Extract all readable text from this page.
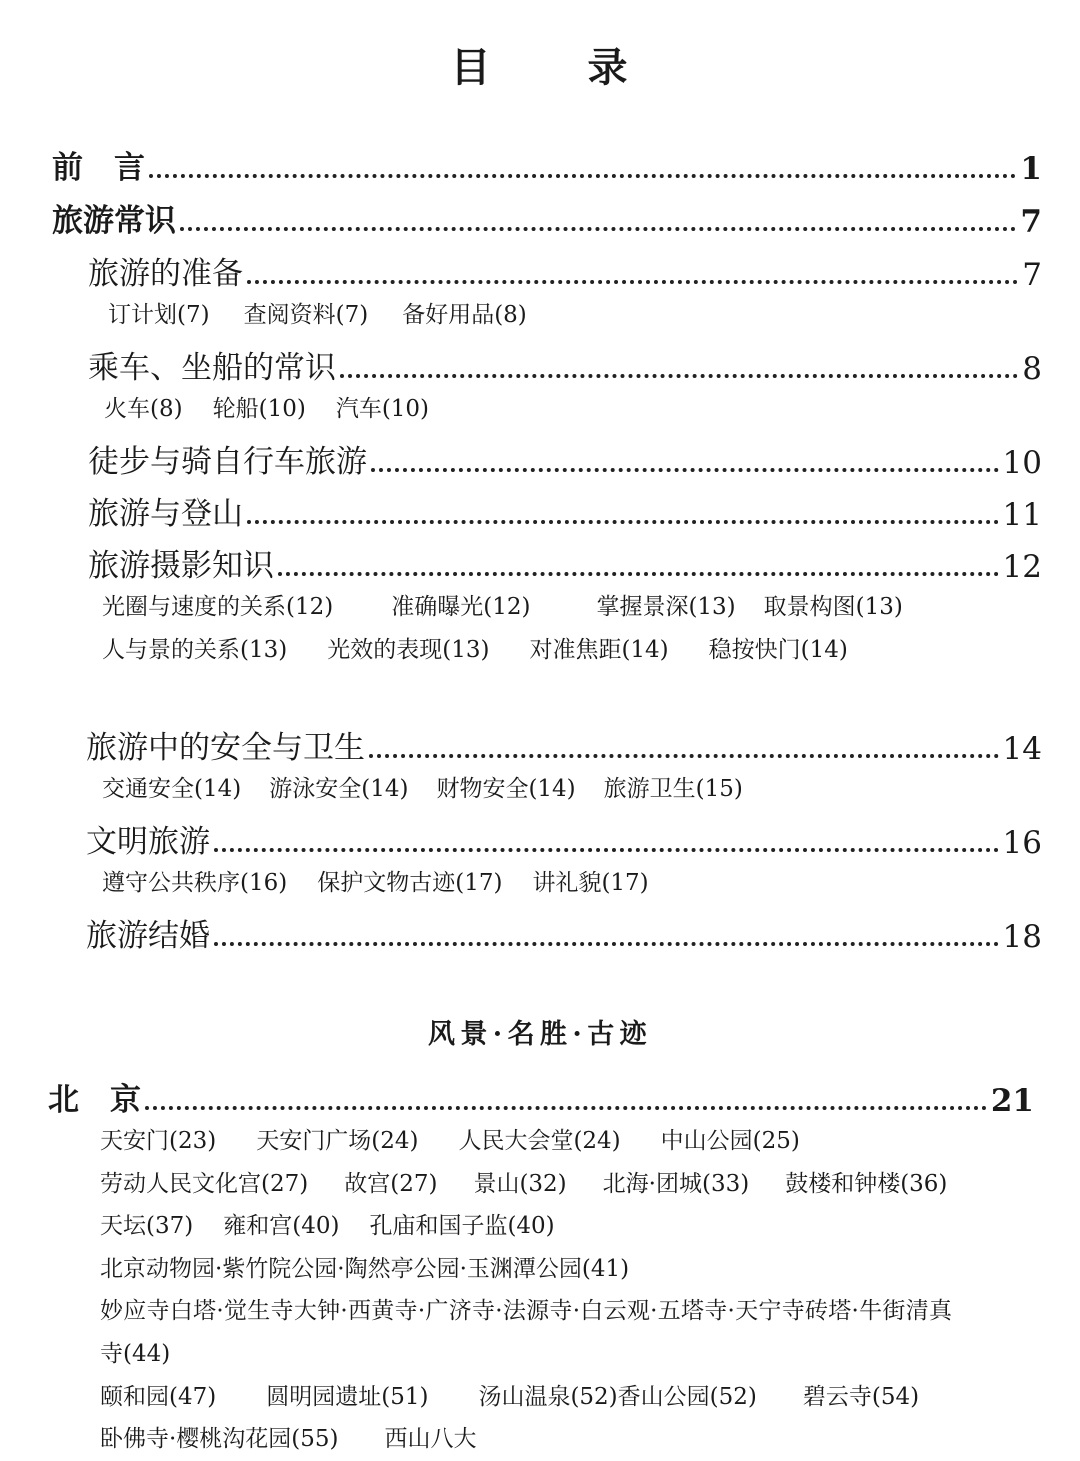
目 录
前　言	1
旅游常识	7
旅游的准备	7
订计划(7) 查阅资料(7) 备好用品(8)
乘车、坐船的常识	8
火车(8) 轮船(10) 汽车(10)
徒步与骑自行车旅游	10
旅游与登山	11
旅游摄影知识	12
光圈与速度的关系(12)	准确曝光(12)	掌握景深(13) 取景构图(13)人与景的关系(13) 光效的表现(13) 对准焦距(14) 稳按快门(14)
旅游中的安全与卫生	14
交通安全(14) 游泳安全(14) 财物安全(14) 旅游卫生(15)
文明旅游	16
遵守公共秩序(16) 保护文物古迹(17) 讲礼貌(17)
旅游结婚	18
风景·名胜·古迹
北　京	21
天安门(23) 天安门广场(24) 人民大会堂(24) 中山公园(25)劳动人民文化宫(27) 故宫(27) 景山(32) 北海·团城(33) 鼓楼和钟楼(36)天坛(37) 雍和宫(40) 孔庙和国子监(40)北京动物园·紫竹院公园·陶然亭公园·玉渊潭公园(41)妙应寺白塔·觉生寺大钟·西黄寺·广济寺·法源寺·白云观·五塔寺·天宁寺砖塔·牛街清真寺(44)颐和园(47) 圆明园遗址(51) 汤山温泉(52)香山公园(52) 碧云寺(54)卧佛寺·樱桃沟花园(55) 西山八大
